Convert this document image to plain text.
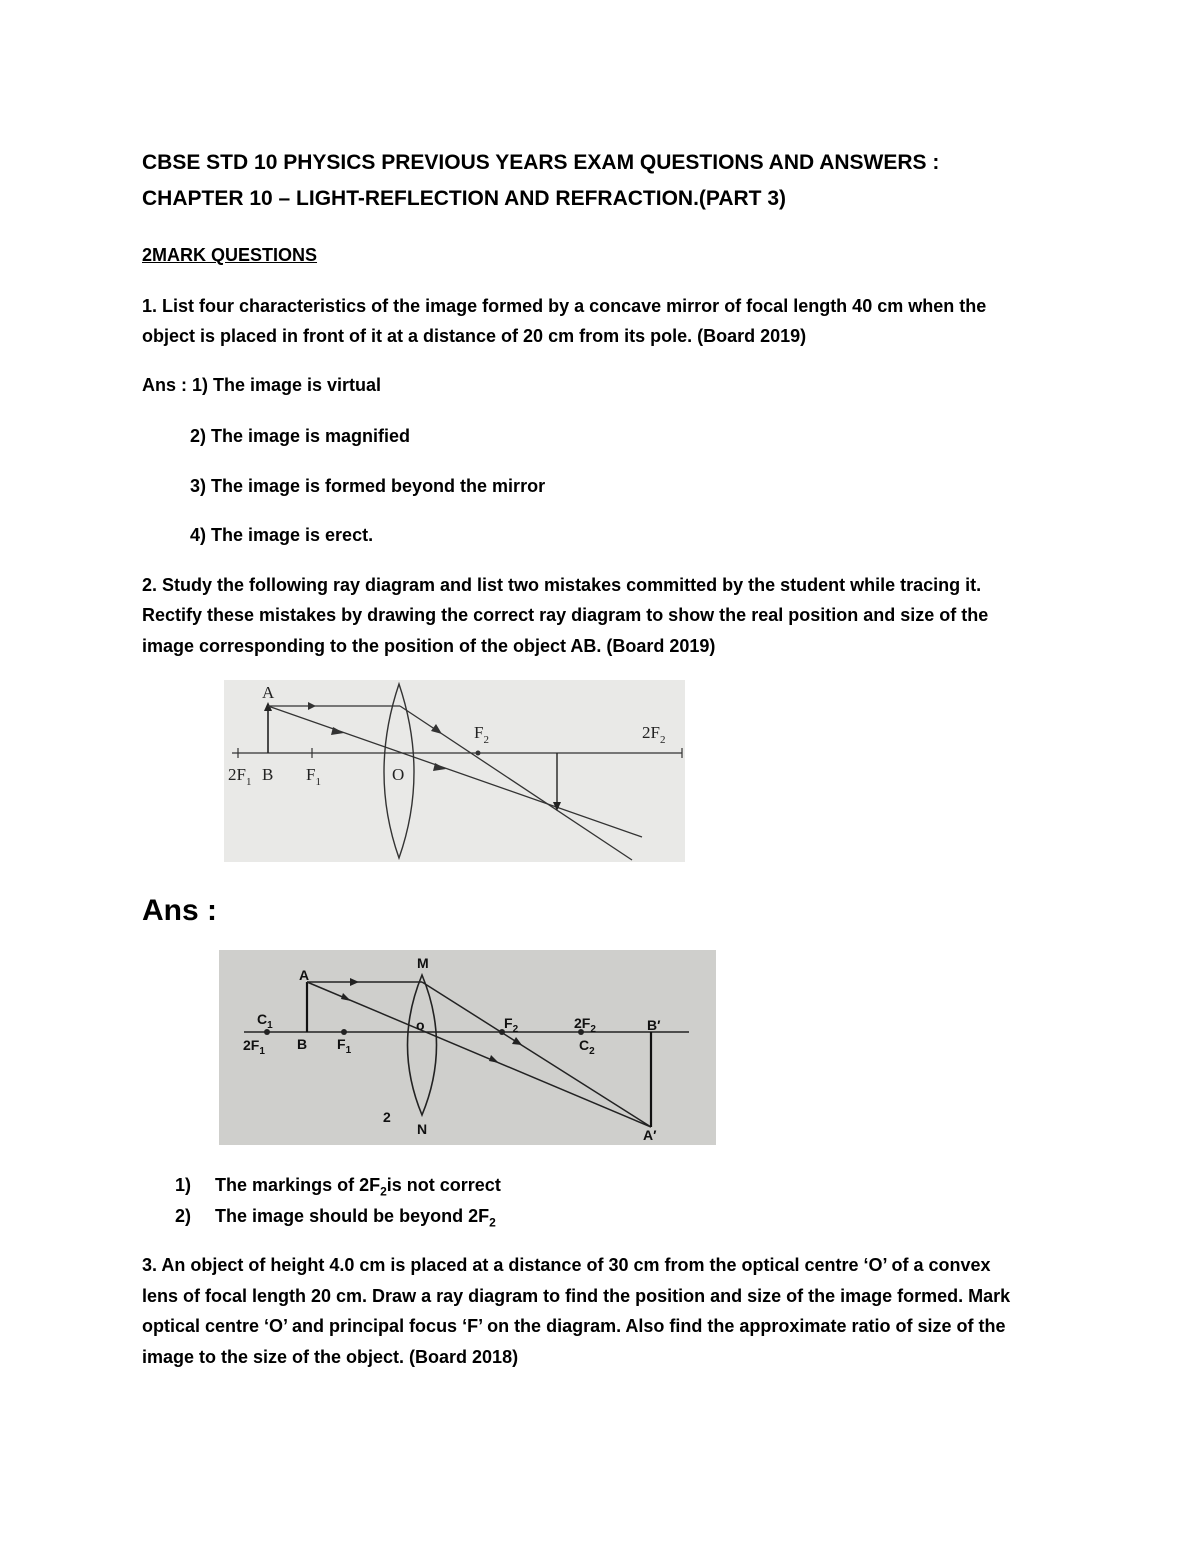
CBSE STD 10 PHYSICS PREVIOUS YEARS EXAM QUESTIONS AND ANSWERS :
CHAPTER 10 – LIGHT-REFLECTION AND REFRACTION.(PART 3)
2MARK QUESTIONS
1. List four characteristics of the image formed by a concave mirror of focal length 40 cm when the
object is placed in front of it at a distance of 20 cm from its pole. (Board 2019)
Ans : 1) The image is virtual
2) The image is magnified
3) The image is formed beyond the mirror
4) The image is erect.
2. Study the following ray diagram and list two mistakes committed by the student while tracing it.
Rectify these mistakes by drawing the correct ray diagram to show the real position and size of the
image corresponding to the position of the object AB. (Board 2019)
A
$F_2$	$2F_2$
$2F_1$ B $F_1$	O
Ans :
M
N
A
$C_1$
$2F_1$ B $F_1$
o	$F_2$	$2F_2$
$C_2$
B′
A′
2
1) The markings of $2F_2is$ not correct
2) The image should be beyond $2F_2$
3. An object of height 4.0 cm is placed at a distance of 30 cm from the optical centre ‘O’ of a convex
lens of focal length 20 cm. Draw a ray diagram to find the position and size of the image formed. Mark
optical centre ‘O’ and principal focus ‘F’ on the diagram. Also find the approximate ratio of size of the
image to the size of the object. (Board 2018)
